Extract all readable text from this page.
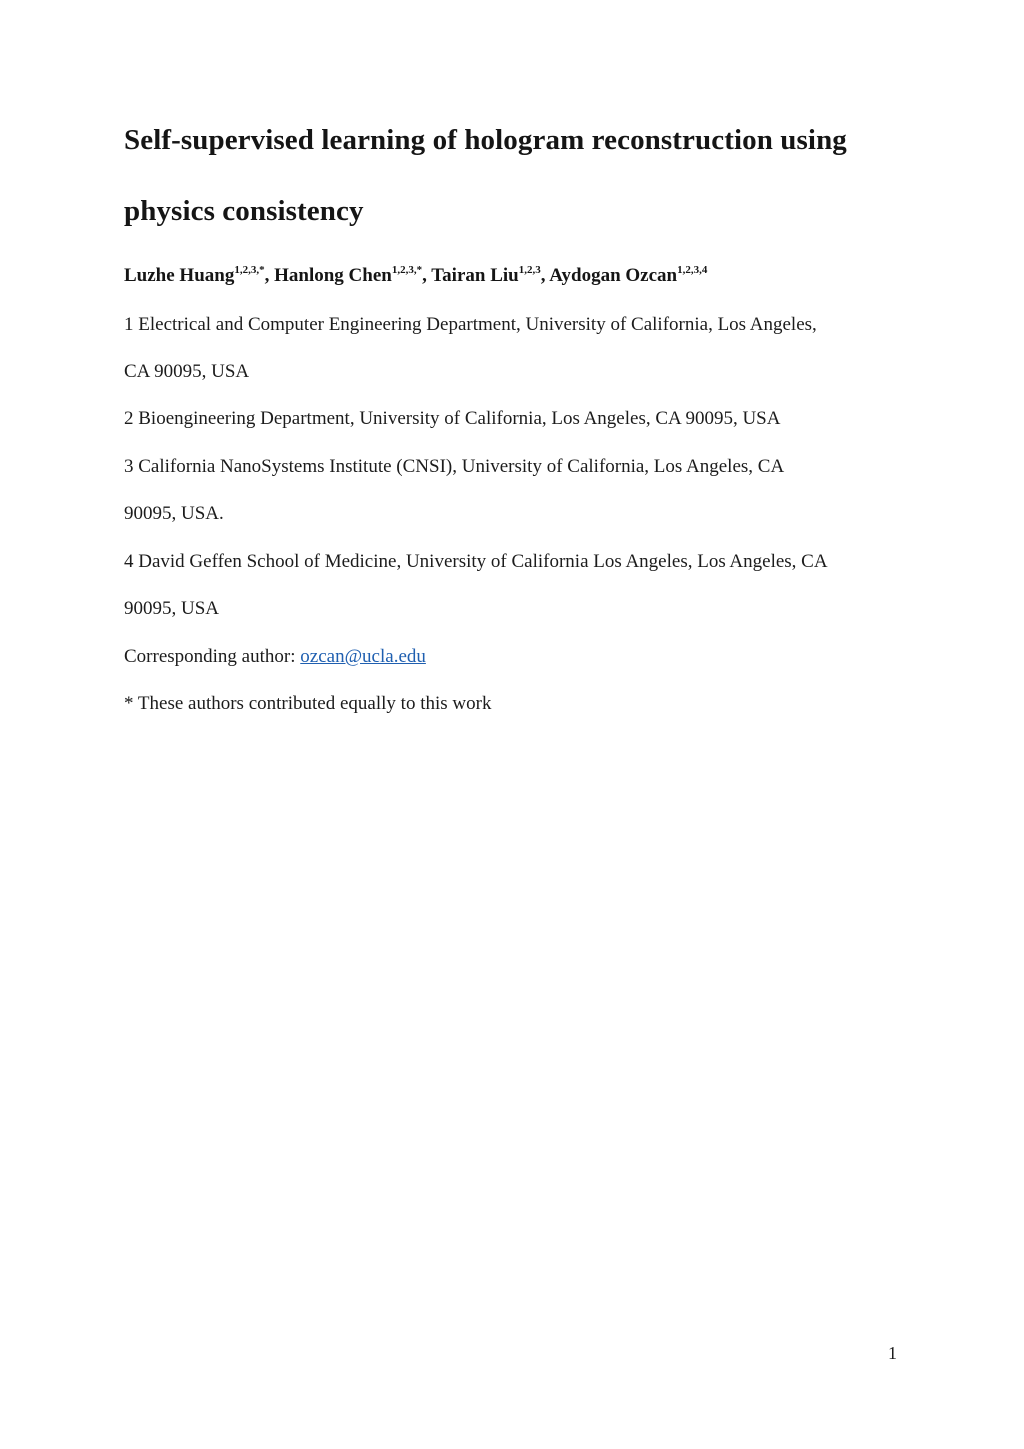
Self-supervised learning of hologram reconstruction using
physics consistency
Luzhe Huang$^{1,2,3,*}$, Hanlong Chen$^{1,2,3,*}$, Tairan Liu$^{1,2,3}$, Aydogan Ozcan$^{1,2,3,4}$
1 Electrical and Computer Engineering Department, University of California, Los Angeles,
CA 90095, USA
2 Bioengineering Department, University of California, Los Angeles, CA 90095, USA
3 California NanoSystems Institute (CNSI), University of California, Los Angeles, CA
90095, USA.
4 David Geffen School of Medicine, University of California Los Angeles, Los Angeles, CA
90095, USA
Corresponding author: ozcan@ucla.edu
* These authors contributed equally to this work
1
